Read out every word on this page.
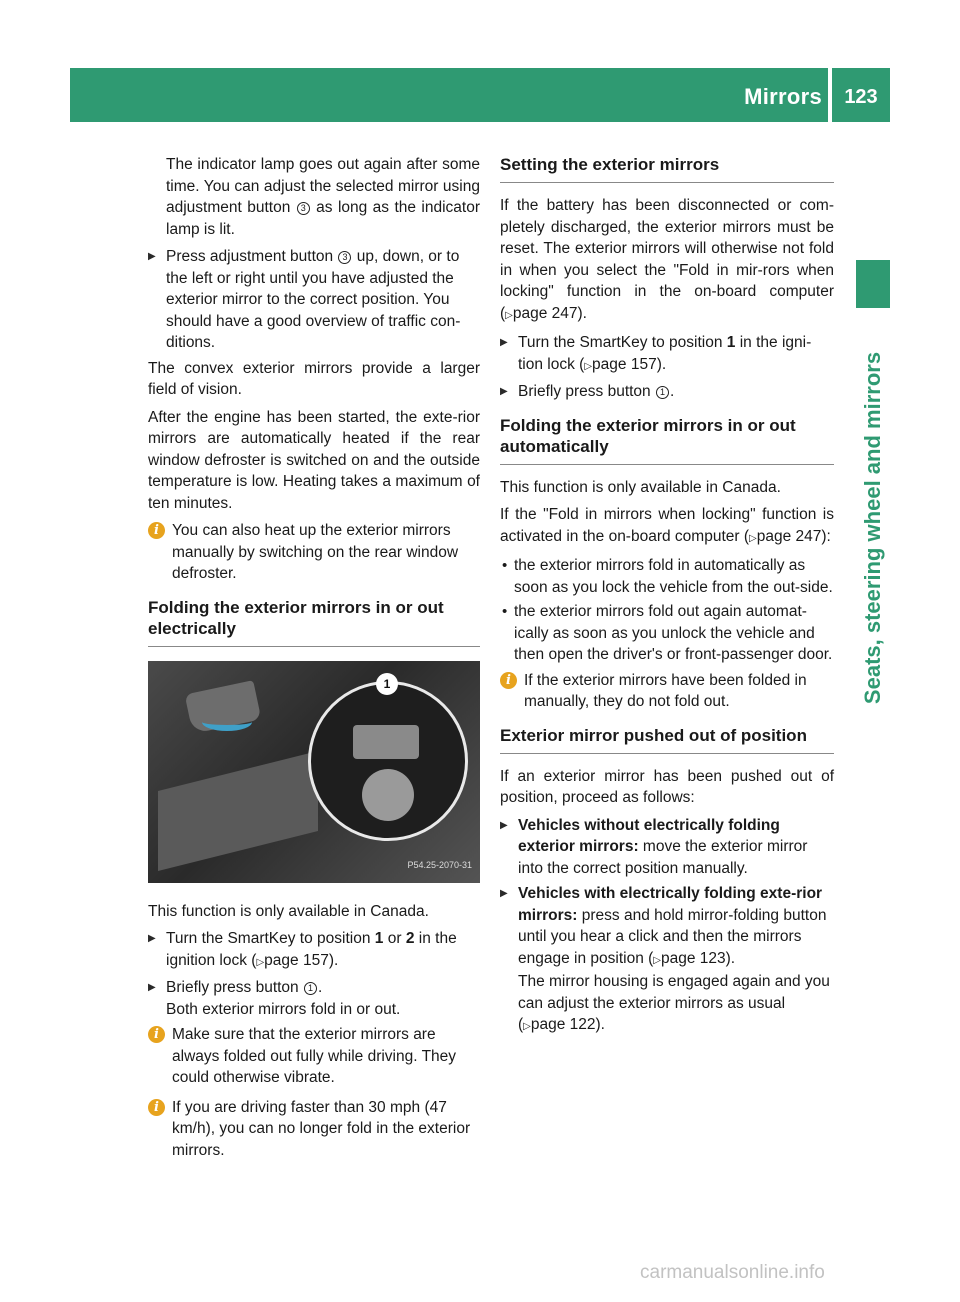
Mirrors	123
Seats, steering wheel and mirrors

The indicator lamp goes out again after some time. You can adjust the selected mirror using adjustment button 3 as long as the indicator lamp is lit.

▶ Press adjustment button 3 up, down, or to the left or right until you have adjusted the exterior mirror to the correct position. You should have a good overview of traffic con-ditions.

The convex exterior mirrors provide a larger field of vision.

After the engine has been started, the exte-rior mirrors are automatically heated if the rear window defroster is switched on and the outside temperature is low. Heating takes a maximum of ten minutes.

i You can also heat up the exterior mirrors manually by switching on the rear window defroster.
Folding the exterior mirrors in or out electrically
1
P54.25-2070-31

This function is only available in Canada.

▶ Turn the SmartKey to position 1 or 2 in the ignition lock ( ▷ page 157).
▶ Briefly press button 1 .
Both exterior mirrors fold in or out.
i Make sure that the exterior mirrors are always folded out fully while driving. They could otherwise vibrate.
i If you are driving faster than 30 mph (47 km/h), you can no longer fold in the exterior mirrors.
Setting the exterior mirrors

If the battery has been disconnected or com-pletely discharged, the exterior mirrors must be reset. The exterior mirrors will otherwise not fold in when you select the "Fold in mir-rors when locking" function in the on-board computer ( ▷ page 247).

▶ Turn the SmartKey to position 1 in the igni-tion lock ( ▷ page 157).
▶ Briefly press button 1 .
Folding the exterior mirrors in or out automatically

This function is only available in Canada.

If the "Fold in mirrors when locking" function is activated in the on-board computer ( ▷ page 247):

• the exterior mirrors fold in automatically as soon as you lock the vehicle from the out-side.
• the exterior mirrors fold out again automat-ically as soon as you unlock the vehicle and then open the driver's or front-passenger door.
i If the exterior mirrors have been folded in manually, they do not fold out.
Exterior mirror pushed out of position

If an exterior mirror has been pushed out of position, proceed as follows:

▶ Vehicles without electrically folding exterior mirrors: move the exterior mirror into the correct position manually.
▶ Vehicles with electrically folding exte-rior mirrors: press and hold mirror-folding button until you hear a click and then the mirrors engage in position ( ▷ page 123).
The mirror housing is engaged again and you can adjust the exterior mirrors as usual ( ▷ page 122).
carmanualsonline.info
